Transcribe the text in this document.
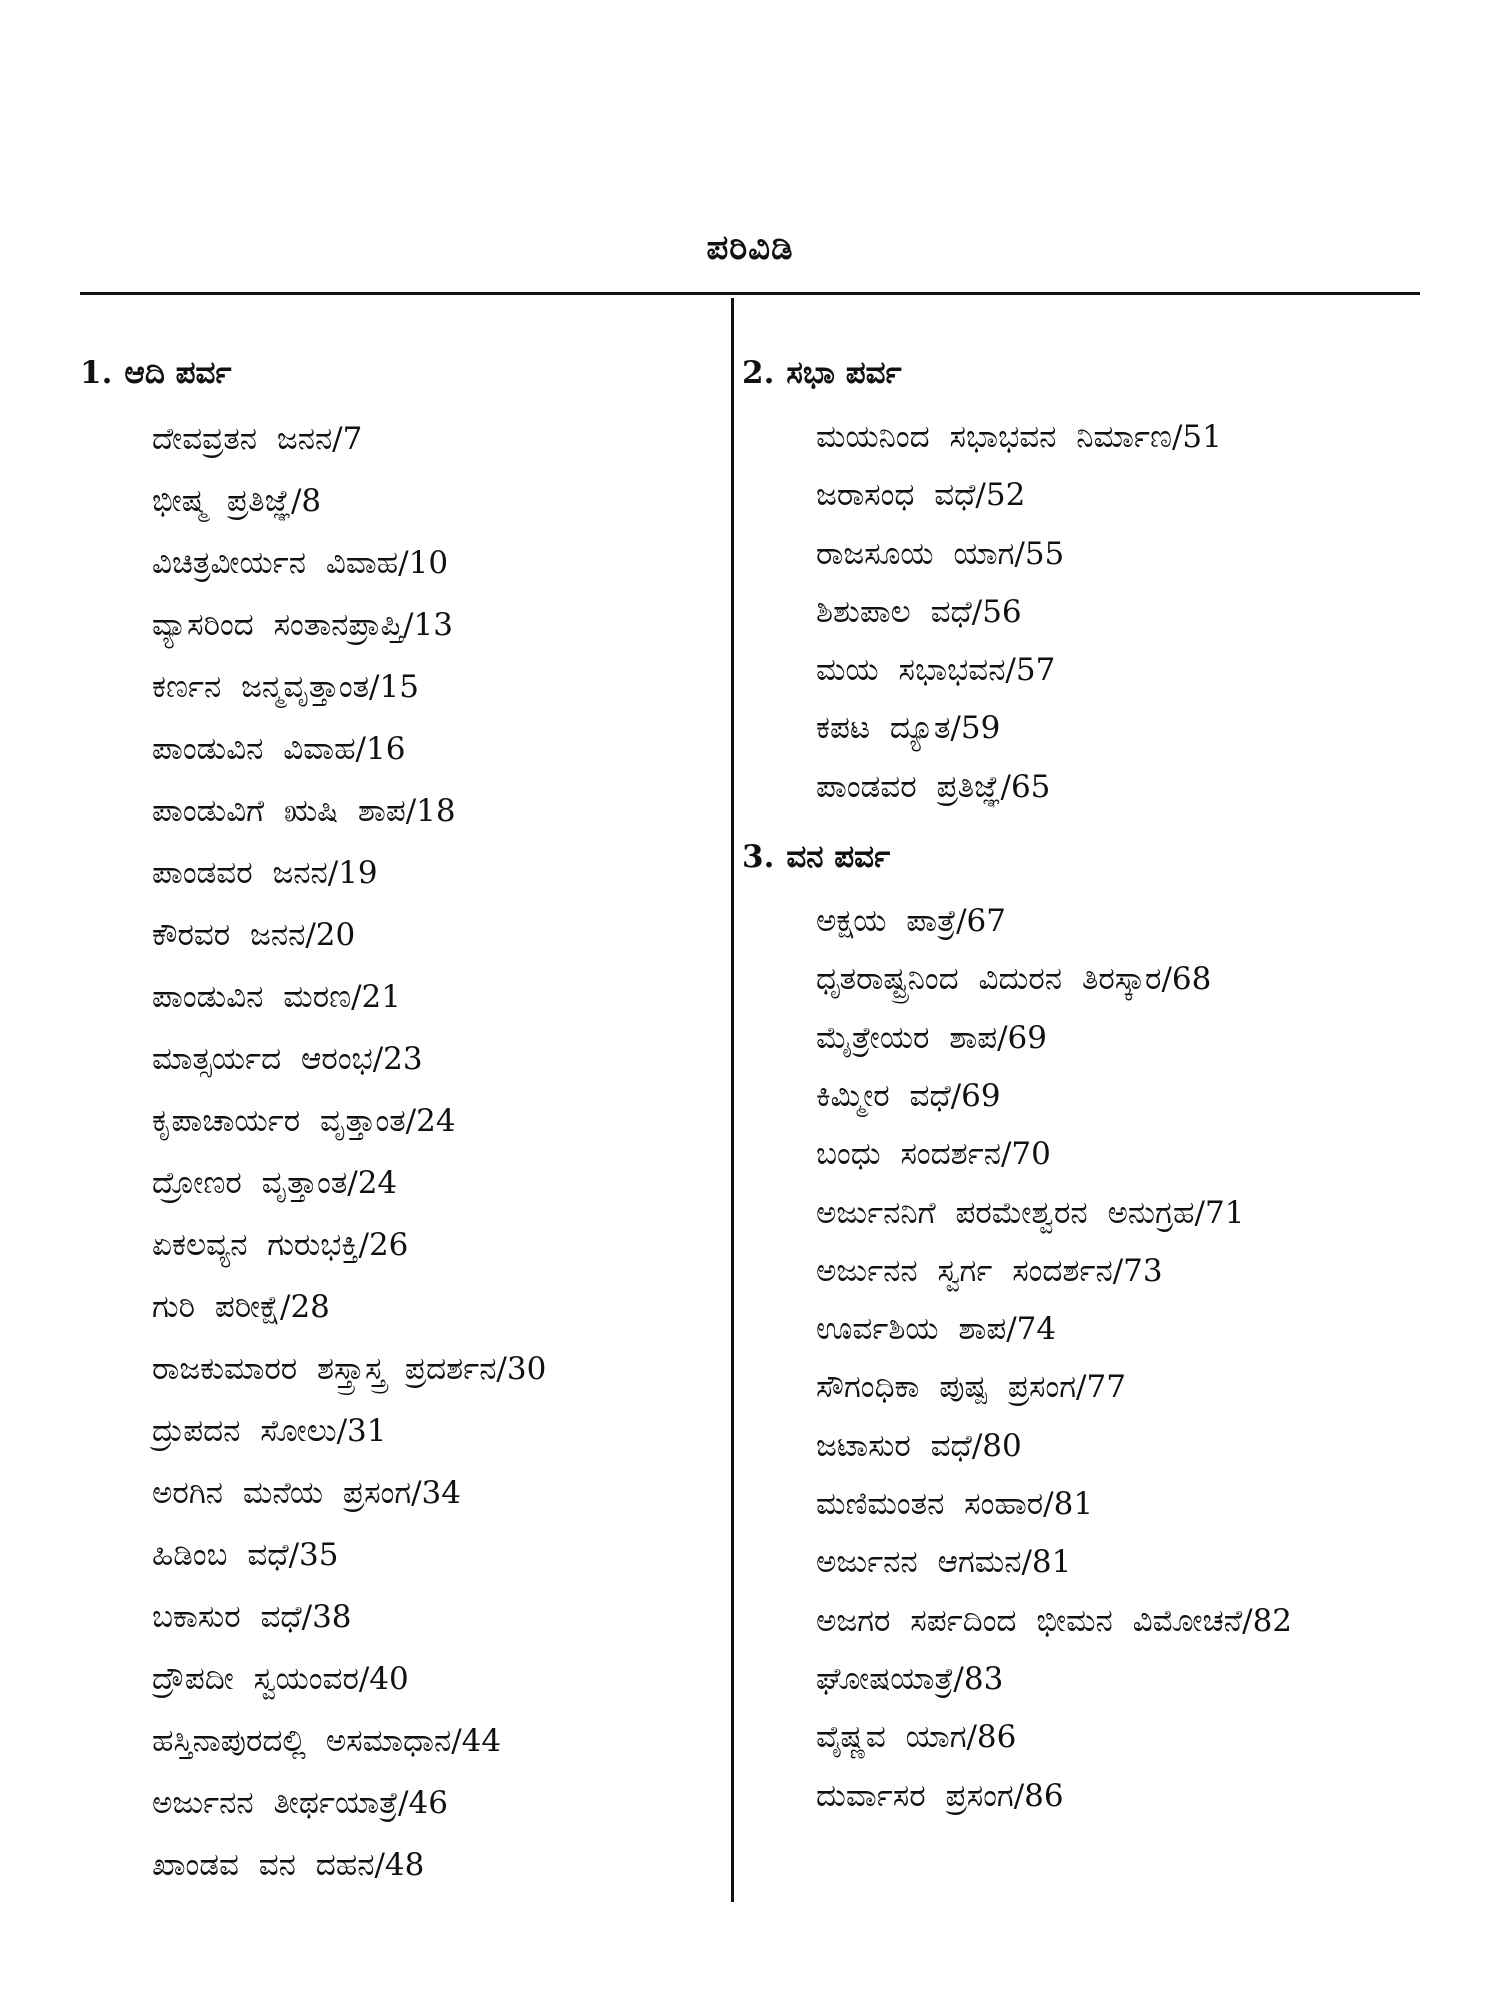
ಪರಿವಿಡಿ
1. ಆದಿ ಪರ್ವ
ದೇವವ್ರತನ ಜನನ/7
ಭೀಷ್ಮ ಪ್ರತಿಜ್ಞೆ/8
ವಿಚಿತ್ರವೀರ್ಯನ ವಿವಾಹ/10
ವ್ಯಾಸರಿಂದ ಸಂತಾನಪ್ರಾಪ್ತಿ/13
ಕರ್ಣನ ಜನ್ಮವೃತ್ತಾಂತ/15
ಪಾಂಡುವಿನ ವಿವಾಹ/16
ಪಾಂಡುವಿಗೆ ಋಷಿ ಶಾಪ/18
ಪಾಂಡವರ ಜನನ/19
ಕೌರವರ ಜನನ/20
ಪಾಂಡುವಿನ ಮರಣ/21
ಮಾತ್ಸರ್ಯದ ಆರಂಭ/23
ಕೃಪಾಚಾರ್ಯರ ವೃತ್ತಾಂತ/24
ದ್ರೋಣರ ವೃತ್ತಾಂತ/24
ಏಕಲವ್ಯನ ಗುರುಭಕ್ತಿ/26
ಗುರಿ ಪರೀಕ್ಷೆ/28
ರಾಜಕುಮಾರರ ಶಸ್ತ್ರಾಸ್ತ್ರ ಪ್ರದರ್ಶನ/30
ದ್ರುಪದನ ಸೋಲು/31
ಅರಗಿನ ಮನೆಯ ಪ್ರಸಂಗ/34
ಹಿಡಿಂಬ ವಧೆ/35
ಬಕಾಸುರ ವಧೆ/38
ದ್ರೌಪದೀ ಸ್ವಯಂವರ/40
ಹಸ್ತಿನಾಪುರದಲ್ಲಿ ಅಸಮಾಧಾನ/44
ಅರ್ಜುನನ ತೀರ್ಥಯಾತ್ರೆ/46
ಖಾಂಡವ ವನ ದಹನ/48
2. ಸಭಾ ಪರ್ವ
ಮಯನಿಂದ ಸಭಾಭವನ ನಿರ್ಮಾಣ/51
ಜರಾಸಂಧ ವಧೆ/52
ರಾಜಸೂಯ ಯಾಗ/55
ಶಿಶುಪಾಲ ವಧೆ/56
ಮಯ ಸಭಾಭವನ/57
ಕಪಟ ದ್ಯೂತ/59
ಪಾಂಡವರ ಪ್ರತಿಜ್ಞೆ/65
3. ವನ ಪರ್ವ
ಅಕ್ಷಯ ಪಾತ್ರೆ/67
ಧೃತರಾಷ್ಟ್ರನಿಂದ ವಿದುರನ ತಿರಸ್ಕಾರ/68
ಮೈತ್ರೇಯರ ಶಾಪ/69
ಕಿಮ್ಮೀರ ವಧೆ/69
ಬಂಧು ಸಂದರ್ಶನ/70
ಅರ್ಜುನನಿಗೆ ಪರಮೇಶ್ವರನ ಅನುಗ್ರಹ/71
ಅರ್ಜುನನ ಸ್ವರ್ಗ ಸಂದರ್ಶನ/73
ಊರ್ವಶಿಯ ಶಾಪ/74
ಸೌಗಂಧಿಕಾ ಪುಷ್ಪ ಪ್ರಸಂಗ/77
ಜಟಾಸುರ ವಧೆ/80
ಮಣಿಮಂತನ ಸಂಹಾರ/81
ಅರ್ಜುನನ ಆಗಮನ/81
ಅಜಗರ ಸರ್ಪದಿಂದ ಭೀಮನ ವಿಮೋಚನೆ/82
ಘೋಷಯಾತ್ರೆ/83
ವೈಷ್ಣವ ಯಾಗ/86
ದುರ್ವಾಸರ ಪ್ರಸಂಗ/86
